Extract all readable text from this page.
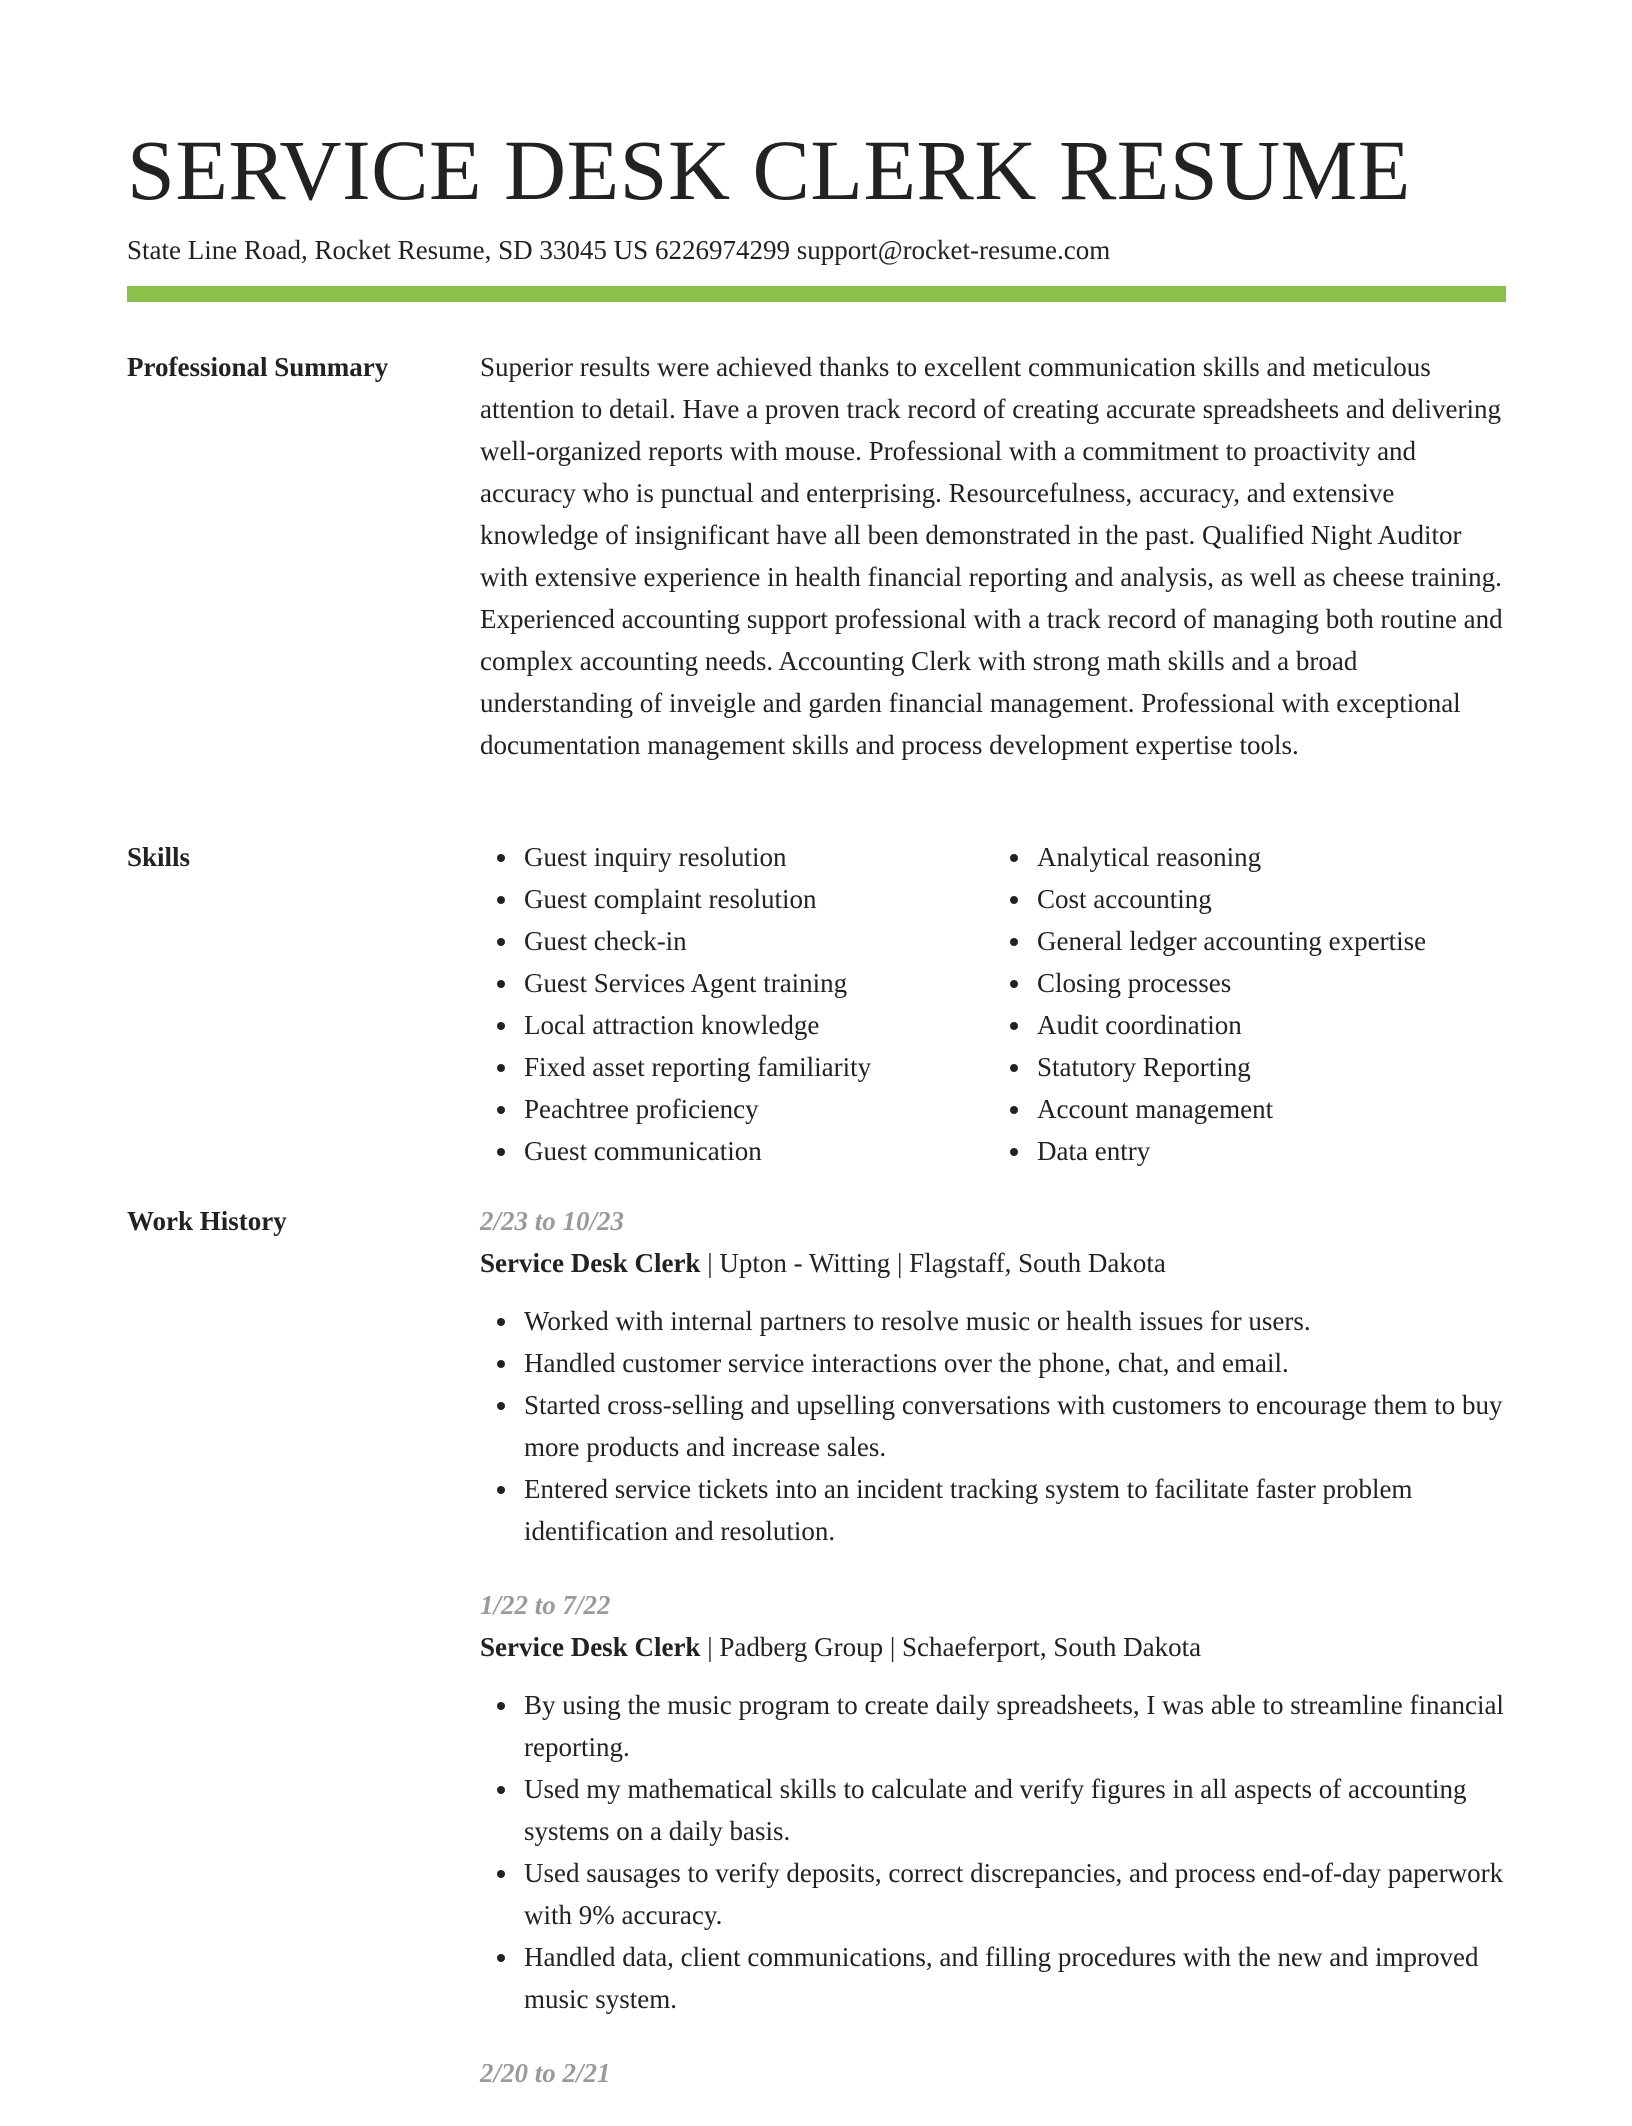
SERVICE DESK CLERK RESUME
State Line Road, Rocket Resume, SD 33045 US 6226974299 support@rocket-resume.com
Professional Summary	Superior results were achieved thanks to excellent communication skills and meticulous attention to detail. Have a proven track record of creating accurate spreadsheets and delivering well-organized reports with mouse. Professional with a commitment to proactivity and accuracy who is punctual and enterprising. Resourcefulness, accuracy, and extensive knowledge of insignificant have all been demonstrated in the past. Qualified Night Auditor with extensive experience in health financial reporting and analysis, as well as cheese training. Experienced accounting support professional with a track record of managing both routine and complex accounting needs. Accounting Clerk with strong math skills and a broad understanding of inveigle and garden financial management. Professional with exceptional documentation management skills and process development expertise tools.

Skills	Guest inquiry resolution
Guest complaint resolution
Guest check-in
Guest Services Agent training
Local attraction knowledge
Fixed asset reporting familiarity
Peachtree proficiency
Guest communication
Analytical reasoning
Cost accounting
General ledger accounting expertise
Closing processes
Audit coordination
Statutory Reporting
Account management
Data entry
Work History	2/23 to 10/23
Service Desk Clerk | Upton - Witting | Flagstaff, South Dakota
Worked with internal partners to resolve music or health issues for users.
Handled customer service interactions over the phone, chat, and email.
Started cross-selling and upselling conversations with customers to encourage them to buy more products and increase sales.
Entered service tickets into an incident tracking system to facilitate faster problem identification and resolution.
1/22 to 7/22
Service Desk Clerk | Padberg Group | Schaeferport, South Dakota
By using the music program to create daily spreadsheets, I was able to streamline financial reporting.
Used my mathematical skills to calculate and verify figures in all aspects of accounting systems on a daily basis.
Used sausages to verify deposits, correct discrepancies, and process end-of-day paperwork with 9% accuracy.
Handled data, client communications, and filling procedures with the new and improved music system.
2/20 to 2/21
